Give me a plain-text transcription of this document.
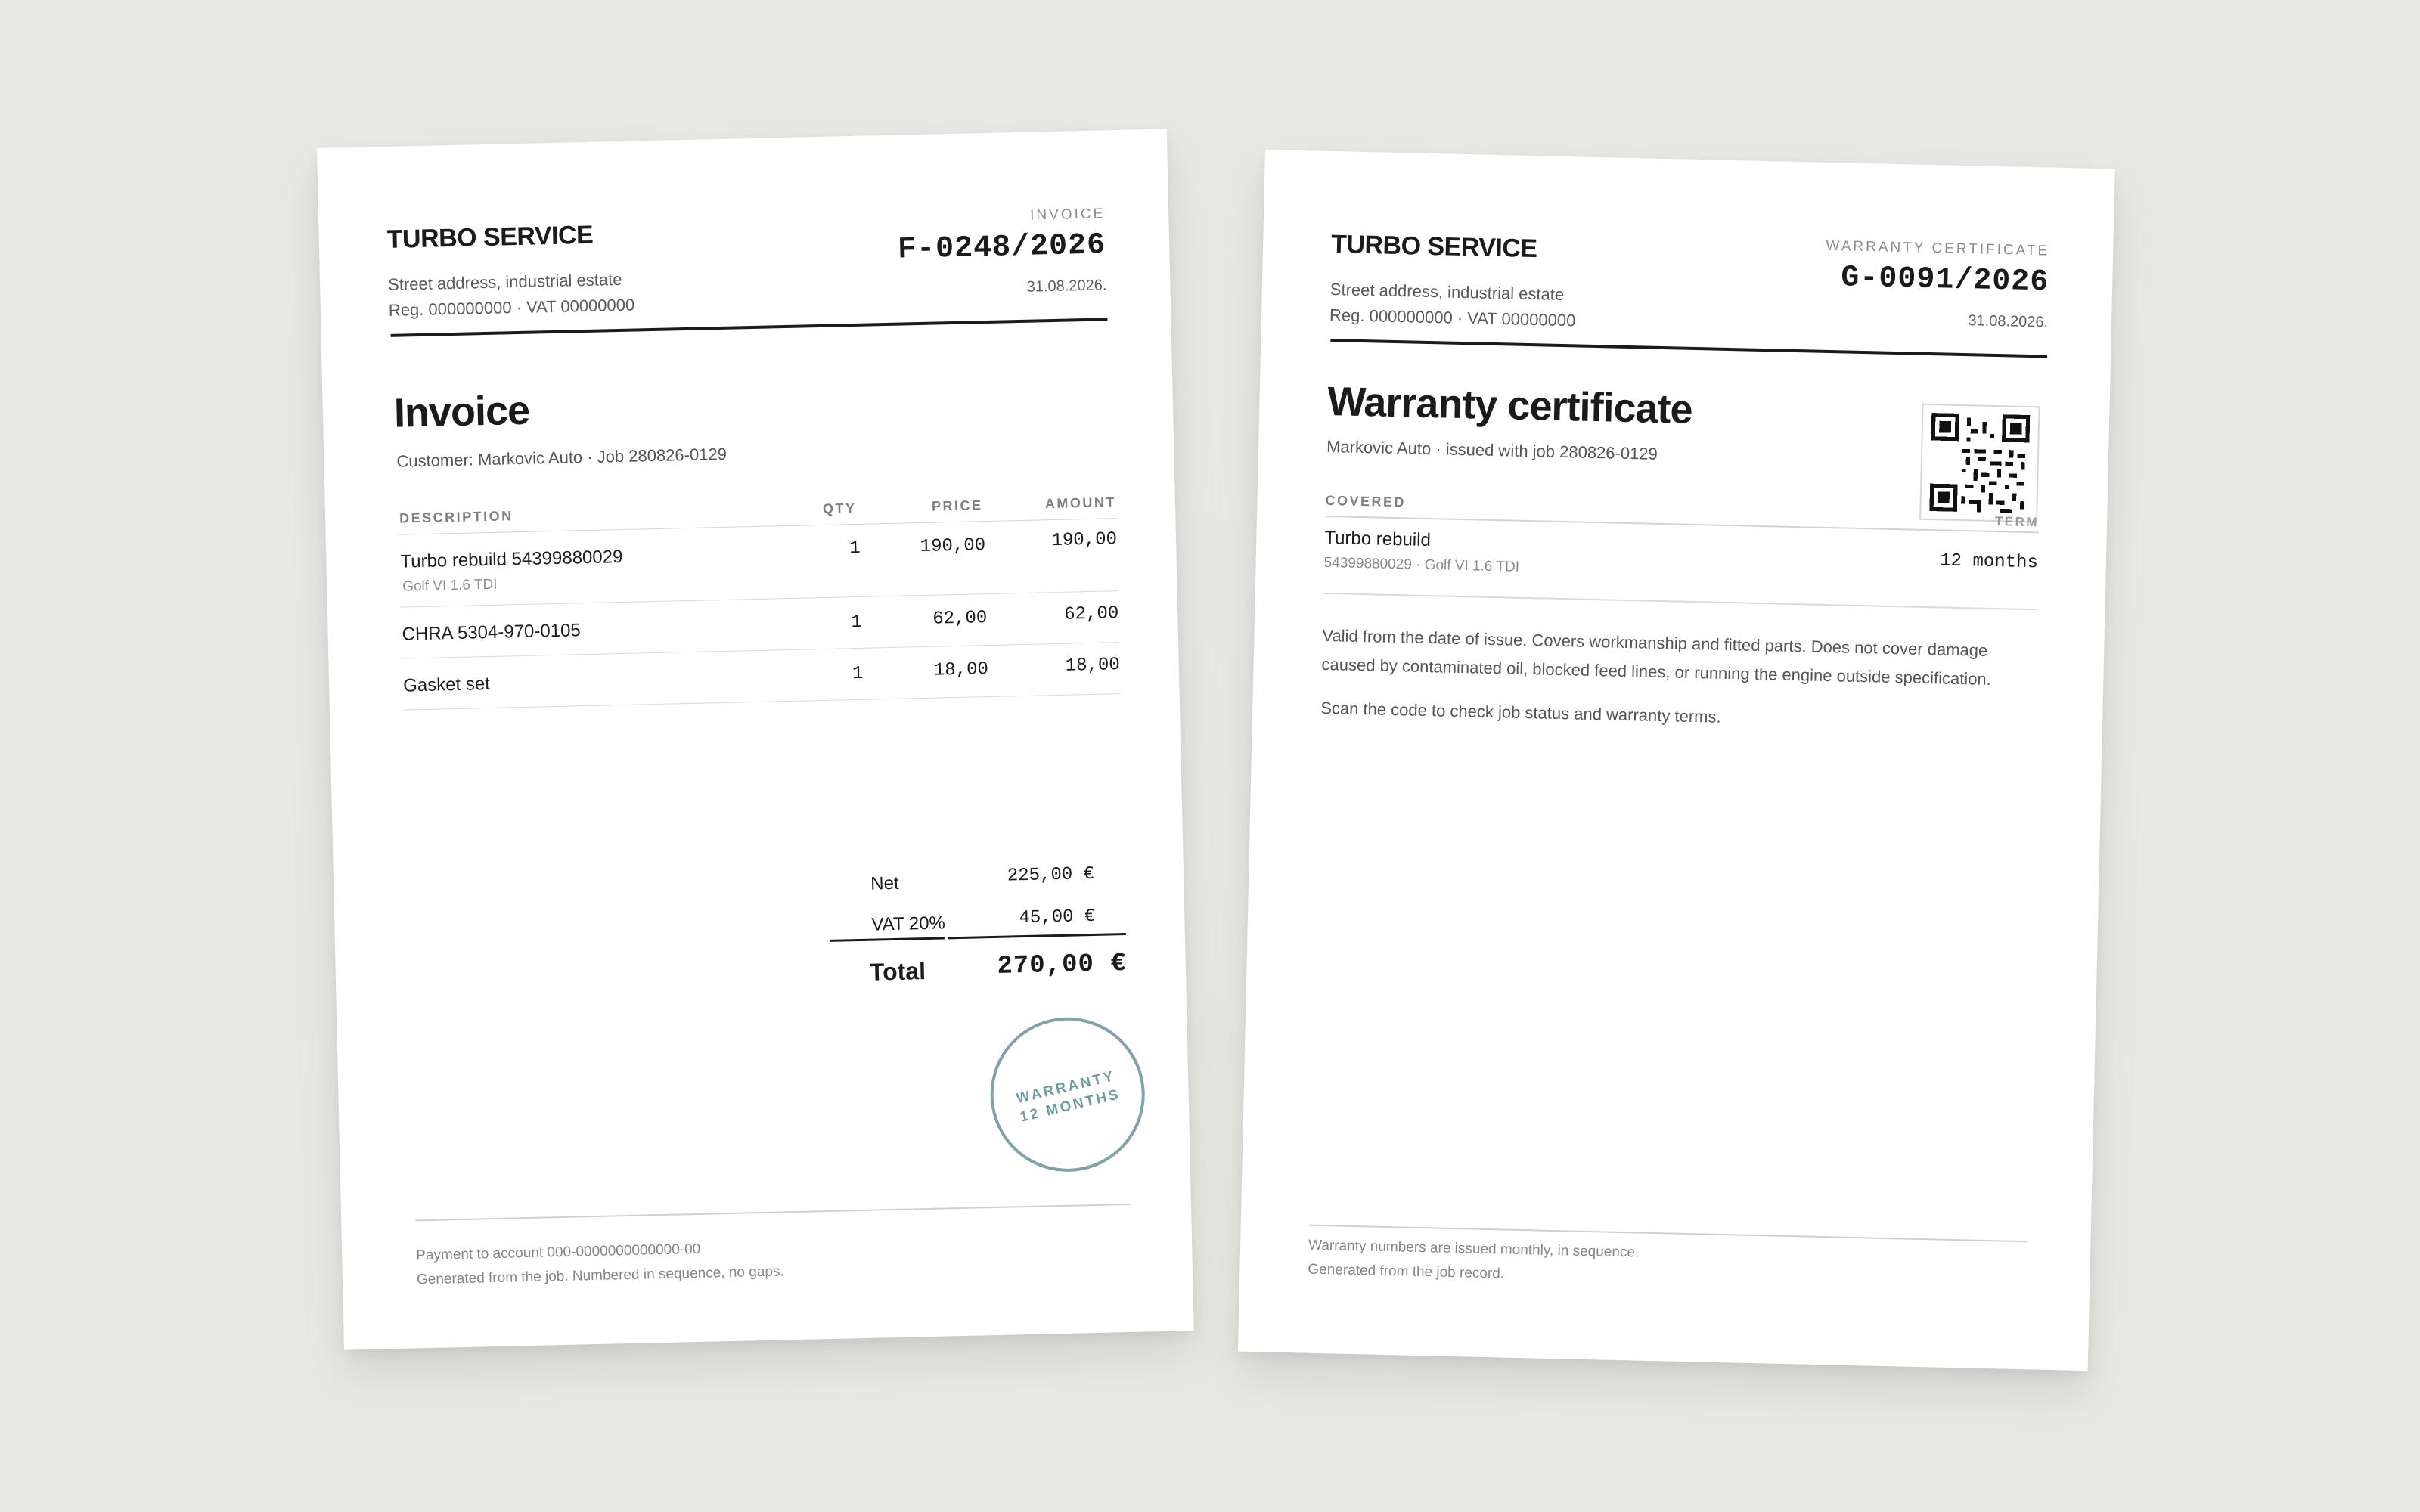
TURBO SERVICE
Street address, industrial estate
Reg. 000000000 · VAT 00000000
INVOICE
F-0248/2026
31.08.2026.
Invoice
Customer: Markovic Auto · Job 280826-0129
DESCRIPTION	QTY	PRICE	AMOUNT
Turbo rebuild 54399880029
Golf VI 1.6 TDI
1	190,00	190,00
CHRA 5304-970-0105	1	62,00	62,00
Gasket set	1	18,00	18,00
Net	225,00 €
VAT 20%	45,00 €
Total	270,00 €
WARRANTY
12 MONTHS
Payment to account 000-0000000000000-00
Generated from the job. Numbered in sequence, no gaps.
TURBO SERVICE
Street address, industrial estate
Reg. 000000000 · VAT 00000000
WARRANTY CERTIFICATE
G-0091/2026
31.08.2026.
Warranty certificate
Markovic Auto · issued with job 280826-0129
COVERED
TERM
Turbo rebuild
54399880029 · Golf VI 1.6 TDI	12 months

Valid from the date of issue. Covers workmanship and fitted parts. Does not cover damage caused by contaminated oil, blocked feed lines, or running the engine outside specification.

Scan the code to check job status and warranty terms.

Warranty numbers are issued monthly, in sequence.
Generated from the job record.
